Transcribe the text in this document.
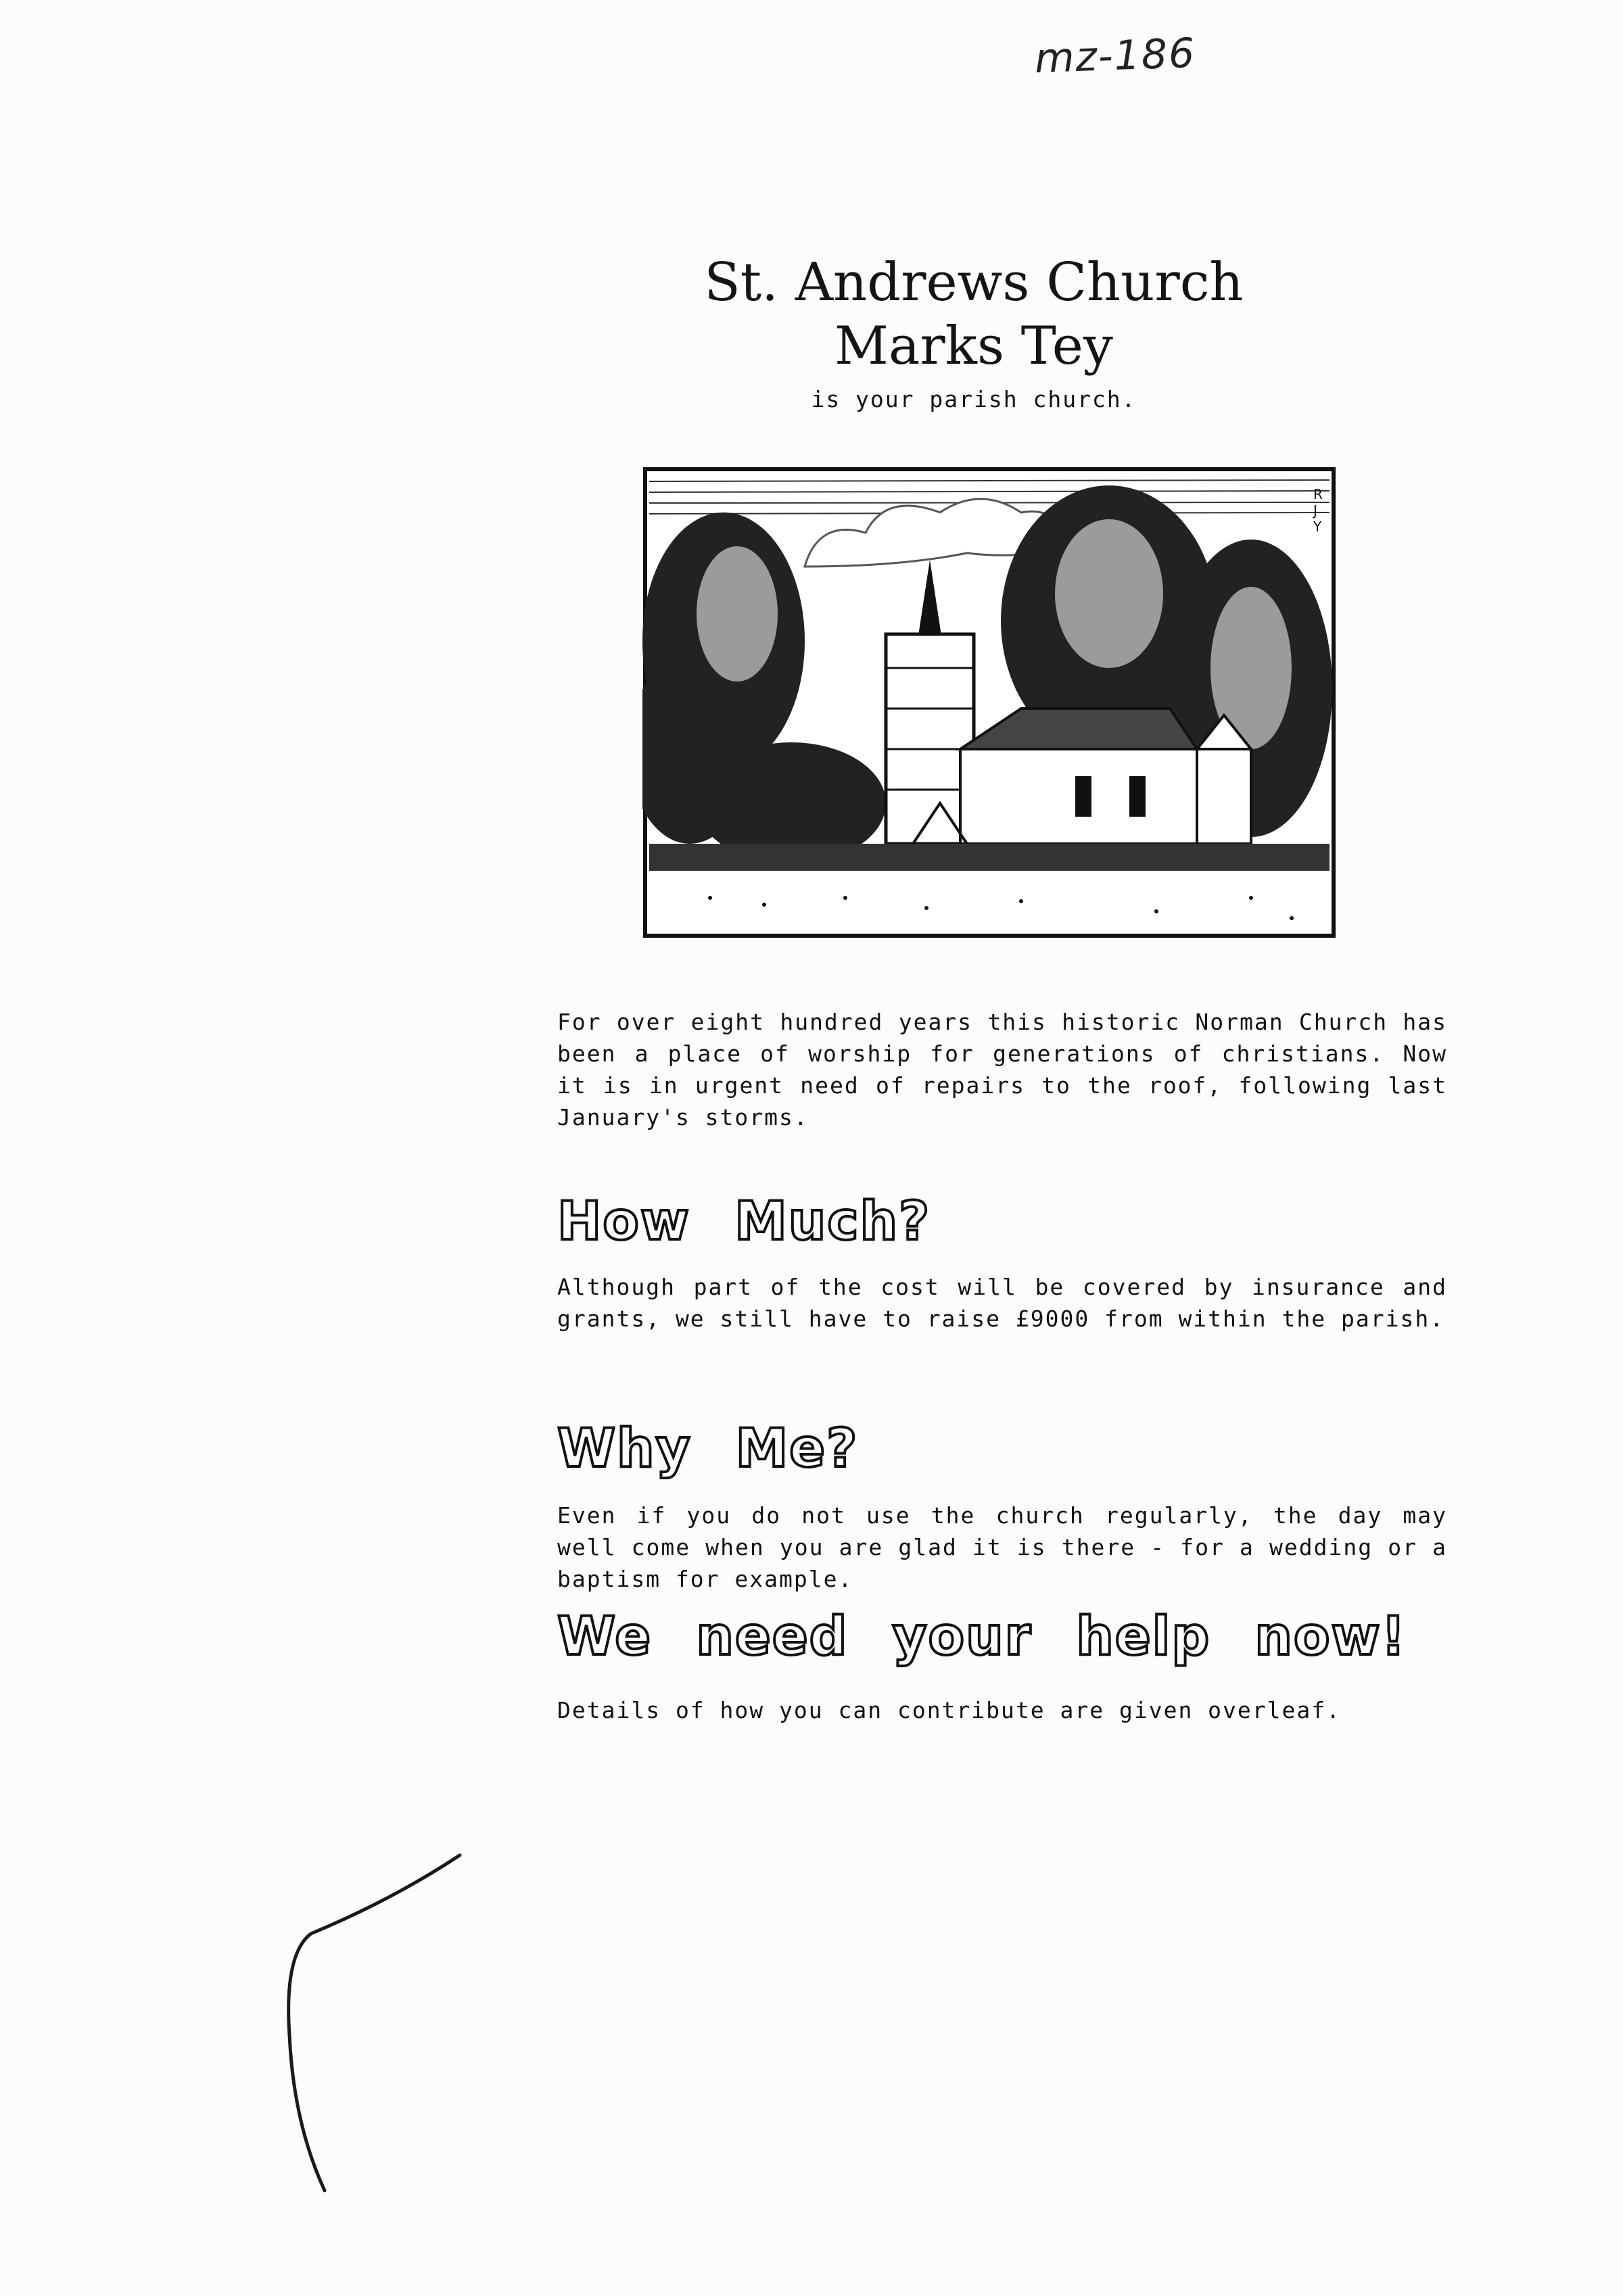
mz-186
St. Andrews Church
Marks Tey
is your parish church.
R
J
Y
For over eight hundred years this historic Norman Church has been a place of worship for generations of christians. Now it is in urgent need of repairs to the roof, following last January's storms.
How Much?
Although part of the cost will be covered by insurance and grants, we still have to raise £9000 from within the parish.
Why Me?
Even if you do not use the church regularly, the day may well come when you are glad it is there - for a wedding or a baptism for example.
We need your help now!
Details of how you can contribute are given overleaf.
